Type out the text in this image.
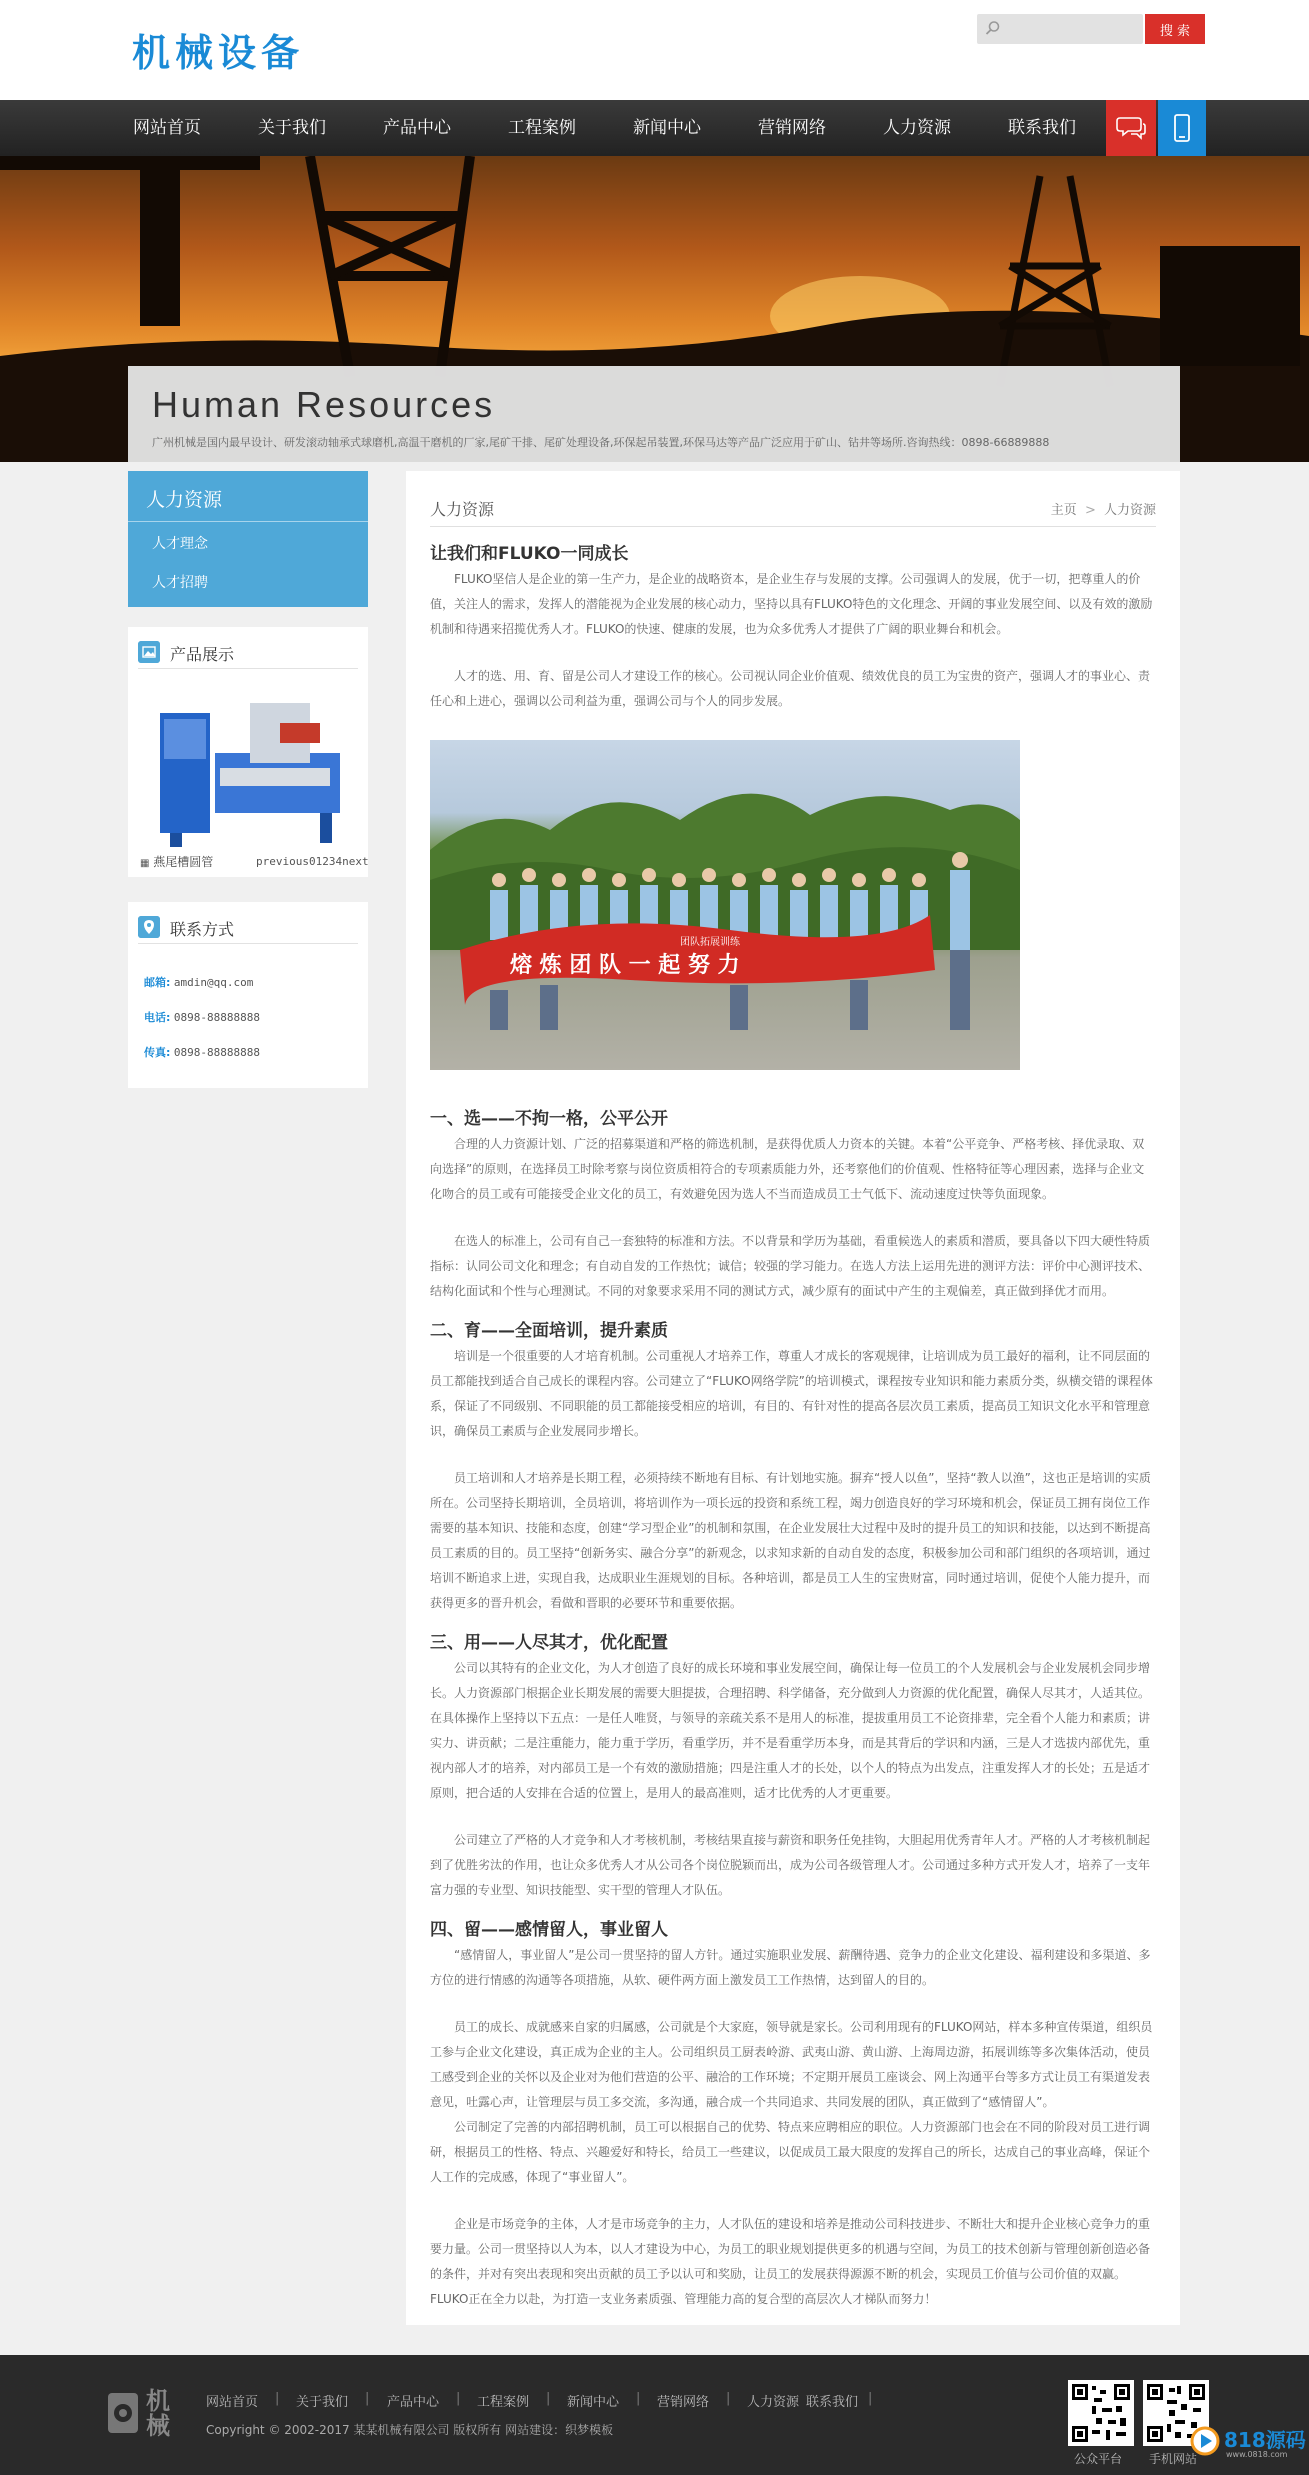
机械设备	搜 索
网站首页	关于我们	产品中心	工程案例	新闻中心	营销网络	人力资源	联系我们
Human Resources
广州机械是国内最早设计、研发滚动轴承式球磨机,高温干磨机的厂家,尾矿干排、尾矿处理设备,环保起吊装置,环保马达等产品广泛应用于矿山、钻井等场所.咨询热线：0898-66889888
人力资源
人才理念
人才招聘
产品展示
▦ 燕尾槽圆管	previous01234next
联系方式
邮箱: amdin@qq.com
电话: 0898-88888888
传真: 0898-88888888
人力资源	主页 > 人力资源
让我们和FLUKO一同成长

FLUKO坚信人是企业的第一生产力，是企业的战略资本，是企业生存与发展的支撑。公司强调人的发展，优于一切，把尊重人的价值，关注人的需求，发挥人的潜能视为企业发展的核心动力，坚持以具有FLUKO特色的文化理念、开阔的事业发展空间、以及有效的激励机制和待遇来招揽优秀人才。FLUKO的快速、健康的发展，也为众多优秀人才提供了广阔的职业舞台和机会。

人才的选、用、育、留是公司人才建设工作的核心。公司视认同企业价值观、绩效优良的员工为宝贵的资产，强调人才的事业心、责任心和上进心，强调以公司利益为重，强调公司与个人的同步发展。

熔 炼 团 队 一 起 努 力
团队拓展训练
一、选——不拘一格，公平公开

合理的人力资源计划、广泛的招募渠道和严格的筛选机制，是获得优质人力资本的关键。本着“公平竞争、严格考核、择优录取、双向选择”的原则，在选择员工时除考察与岗位资质相符合的专项素质能力外，还考察他们的价值观、性格特征等心理因素，选择与企业文化吻合的员工或有可能接受企业文化的员工，有效避免因为选人不当而造成员工士气低下、流动速度过快等负面现象。

在选人的标准上，公司有自己一套独特的标准和方法。不以背景和学历为基础，看重候选人的素质和潜质，要具备以下四大硬性特质指标：认同公司文化和理念；有自动自发的工作热忱；诚信；较强的学习能力。在选人方法上运用先进的测评方法：评价中心测评技术、结构化面试和个性与心理测试。不同的对象要求采用不同的测试方式，减少原有的面试中产生的主观偏差，真正做到择优才而用。

二、育——全面培训，提升素质

培训是一个很重要的人才培育机制。公司重视人才培养工作，尊重人才成长的客观规律，让培训成为员工最好的福利，让不同层面的员工都能找到适合自己成长的课程内容。公司建立了“FLUKO网络学院”的培训模式，课程按专业知识和能力素质分类，纵横交错的课程体系，保证了不同级别、不同职能的员工都能接受相应的培训，有目的、有针对性的提高各层次员工素质，提高员工知识文化水平和管理意识，确保员工素质与企业发展同步增长。

员工培训和人才培养是长期工程，必须持续不断地有目标、有计划地实施。摒弃“授人以鱼”，坚持“教人以渔”，这也正是培训的实质所在。公司坚持长期培训，全员培训，将培训作为一项长远的投资和系统工程，竭力创造良好的学习环境和机会，保证员工拥有岗位工作需要的基本知识、技能和态度，创建“学习型企业”的机制和氛围，在企业发展壮大过程中及时的提升员工的知识和技能，以达到不断提高员工素质的目的。员工坚持“创新务实、融合分享”的新观念，以求知求新的自动自发的态度，积极参加公司和部门组织的各项培训，通过培训不断追求上进，实现自我，达成职业生涯规划的目标。各种培训，都是员工人生的宝贵财富，同时通过培训，促使个人能力提升，而获得更多的晋升机会，看做和晋职的必要环节和重要依据。

三、用——人尽其才，优化配置

公司以其特有的企业文化，为人才创造了良好的成长环境和事业发展空间，确保让每一位员工的个人发展机会与企业发展机会同步增长。人力资源部门根据企业长期发展的需要大胆提拔，合理招聘、科学储备，充分做到人力资源的优化配置，确保人尽其才，人适其位。在具体操作上坚持以下五点：一是任人唯贤，与领导的亲疏关系不是用人的标准，提拔重用员工不论资排辈，完全看个人能力和素质；讲实力、讲贡献；二是注重能力，能力重于学历，看重学历，并不是看重学历本身，而是其背后的学识和内涵，三是人才选拔内部优先，重视内部人才的培养，对内部员工是一个有效的激励措施；四是注重人才的长处，以个人的特点为出发点，注重发挥人才的长处；五是适才原则，把合适的人安排在合适的位置上，是用人的最高准则，适才比优秀的人才更重要。

公司建立了严格的人才竞争和人才考核机制，考核结果直接与薪资和职务任免挂钩，大胆起用优秀青年人才。严格的人才考核机制起到了优胜劣汰的作用，也让众多优秀人才从公司各个岗位脱颖而出，成为公司各级管理人才。公司通过多种方式开发人才，培养了一支年富力强的专业型、知识技能型、实干型的管理人才队伍。

四、留——感情留人，事业留人

“感情留人，事业留人”是公司一贯坚持的留人方针。通过实施职业发展、薪酬待遇、竞争力的企业文化建设、福利建设和多渠道、多方位的进行情感的沟通等各项措施，从软、硬件两方面上激发员工工作热情，达到留人的目的。

员工的成长、成就感来自家的归属感，公司就是个大家庭，领导就是家长。公司利用现有的FLUKO网站，样本多种宣传渠道，组织员工参与企业文化建设，真正成为企业的主人。公司组织员工厨表岭游、武夷山游、黄山游、上海周边游，拓展训练等多次集体活动，使员工感受到企业的关怀以及企业对为他们营造的公平、融洽的工作环境；不定期开展员工座谈会、网上沟通平台等多方式让员工有渠道发表意见，吐露心声，让管理层与员工多交流，多沟通，融合成一个共同追求、共同发展的团队，真正做到了“感情留人”。

公司制定了完善的内部招聘机制，员工可以根据自己的优势、特点来应聘相应的职位。人力资源部门也会在不同的阶段对员工进行调研，根据员工的性格、特点、兴趣爱好和特长，给员工一些建议，以促成员工最大限度的发挥自己的所长，达成自己的事业高峰，保证个人工作的完成感，体现了“事业留人”。

企业是市场竞争的主体，人才是市场竞争的主力，人才队伍的建设和培养是推动公司科技进步、不断壮大和提升企业核心竞争力的重要力量。公司一贯坚持以人为本，以人才建设为中心，为员工的职业规划提供更多的机遇与空间，为员工的技术创新与管理创新创造必备的条件，并对有突出表现和突出贡献的员工予以认可和奖励，让员工的发展获得源源不断的机会，实现员工价值与公司价值的双赢。FLUKO正在全力以赴，为打造一支业务素质强、管理能力高的复合型的高层次人才梯队而努力！

机械
网站首页 | 关于我们 | 产品中心 | 工程案例 | 新闻中心 | 营销网络 | 人力资源 联系我们 |
Copyright © 2002-2017 某某机械有限公司 版权所有 网站建设：织梦模板
公众平台 手机网站
818源码
www.0818.com
